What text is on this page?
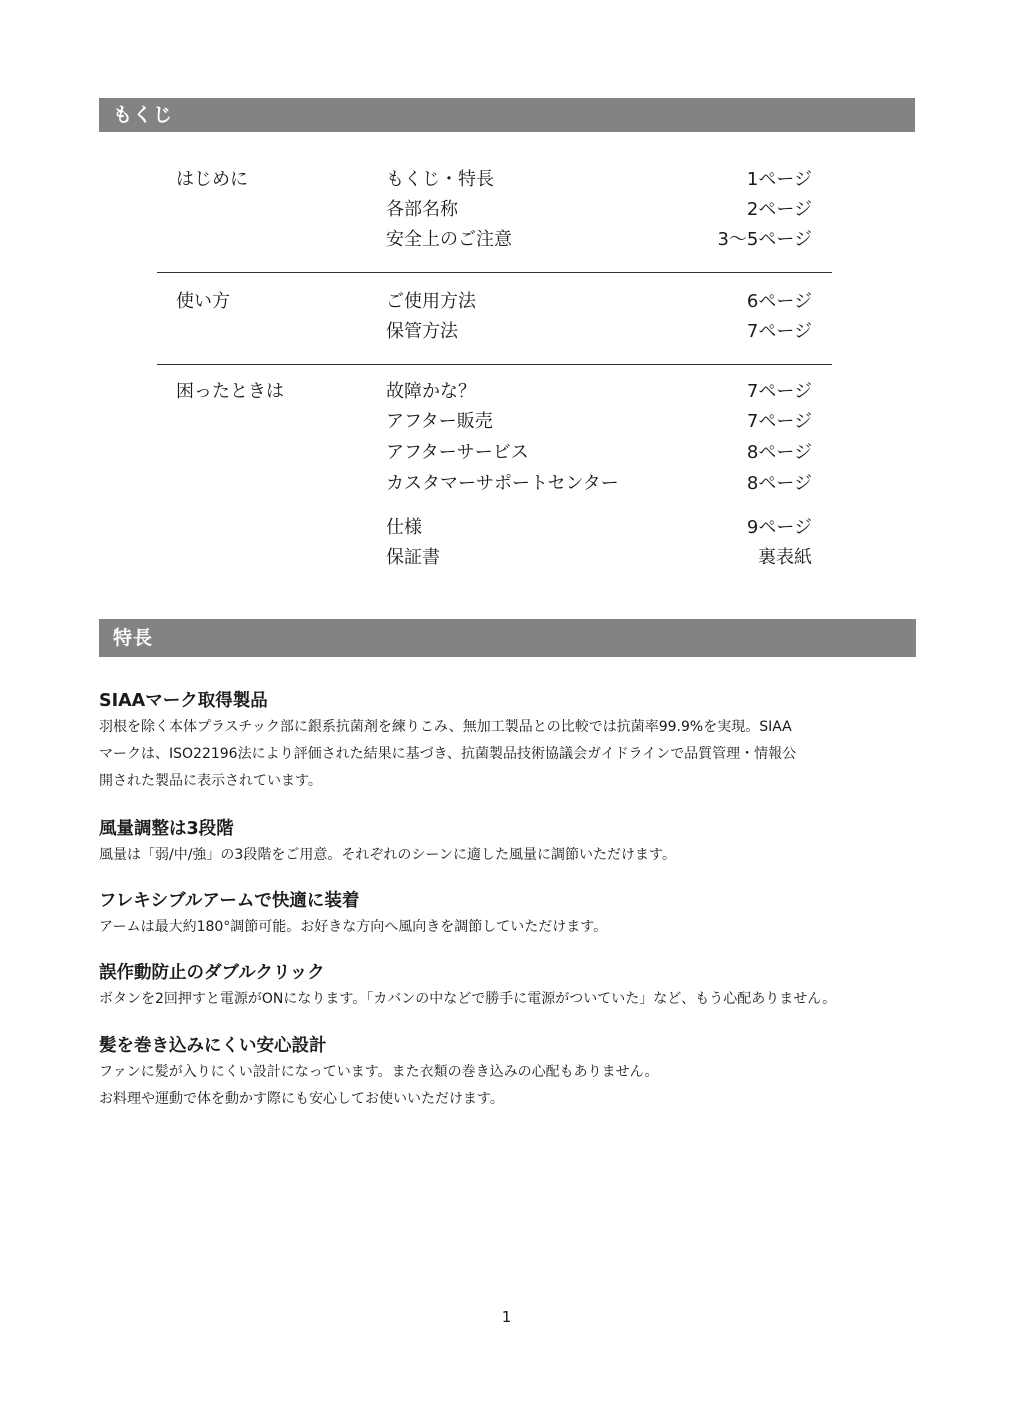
もくじ
はじめに	もくじ・特長	1ページ
各部名称	2ページ
安全上のご注意	3〜5ページ
使い方	ご使用方法	6ページ
保管方法	7ページ
困ったときは	故障かな？	7ページ
アフター販売	7ページ
アフターサービス	8ページ
カスタマーサポートセンター	8ページ
仕様	9ページ
保証書	裏表紙
特長
SIAAマーク取得製品

羽根を除く本体プラスチック部に銀系抗菌剤を練りこみ、無加工製品との比較では抗菌率99.9%を実現。SIAA
マークは、ISO22196法により評価された結果に基づき、抗菌製品技術協議会ガイドラインで品質管理・情報公
開された製品に表示されています。

風量調整は3段階

風量は「弱/中/強」の3段階をご用意。それぞれのシーンに適した風量に調節いただけます。

フレキシブルアームで快適に装着

アームは最大約180°調節可能。お好きな方向へ風向きを調節していただけます。

誤作動防止のダブルクリック

ボタンを2回押すと電源がONになります。「カバンの中などで勝手に電源がついていた」など、もう心配ありません。

髪を巻き込みにくい安心設計

ファンに髪が入りにくい設計になっています。また衣類の巻き込みの心配もありません。
お料理や運動で体を動かす際にも安心してお使いいただけます。

1
